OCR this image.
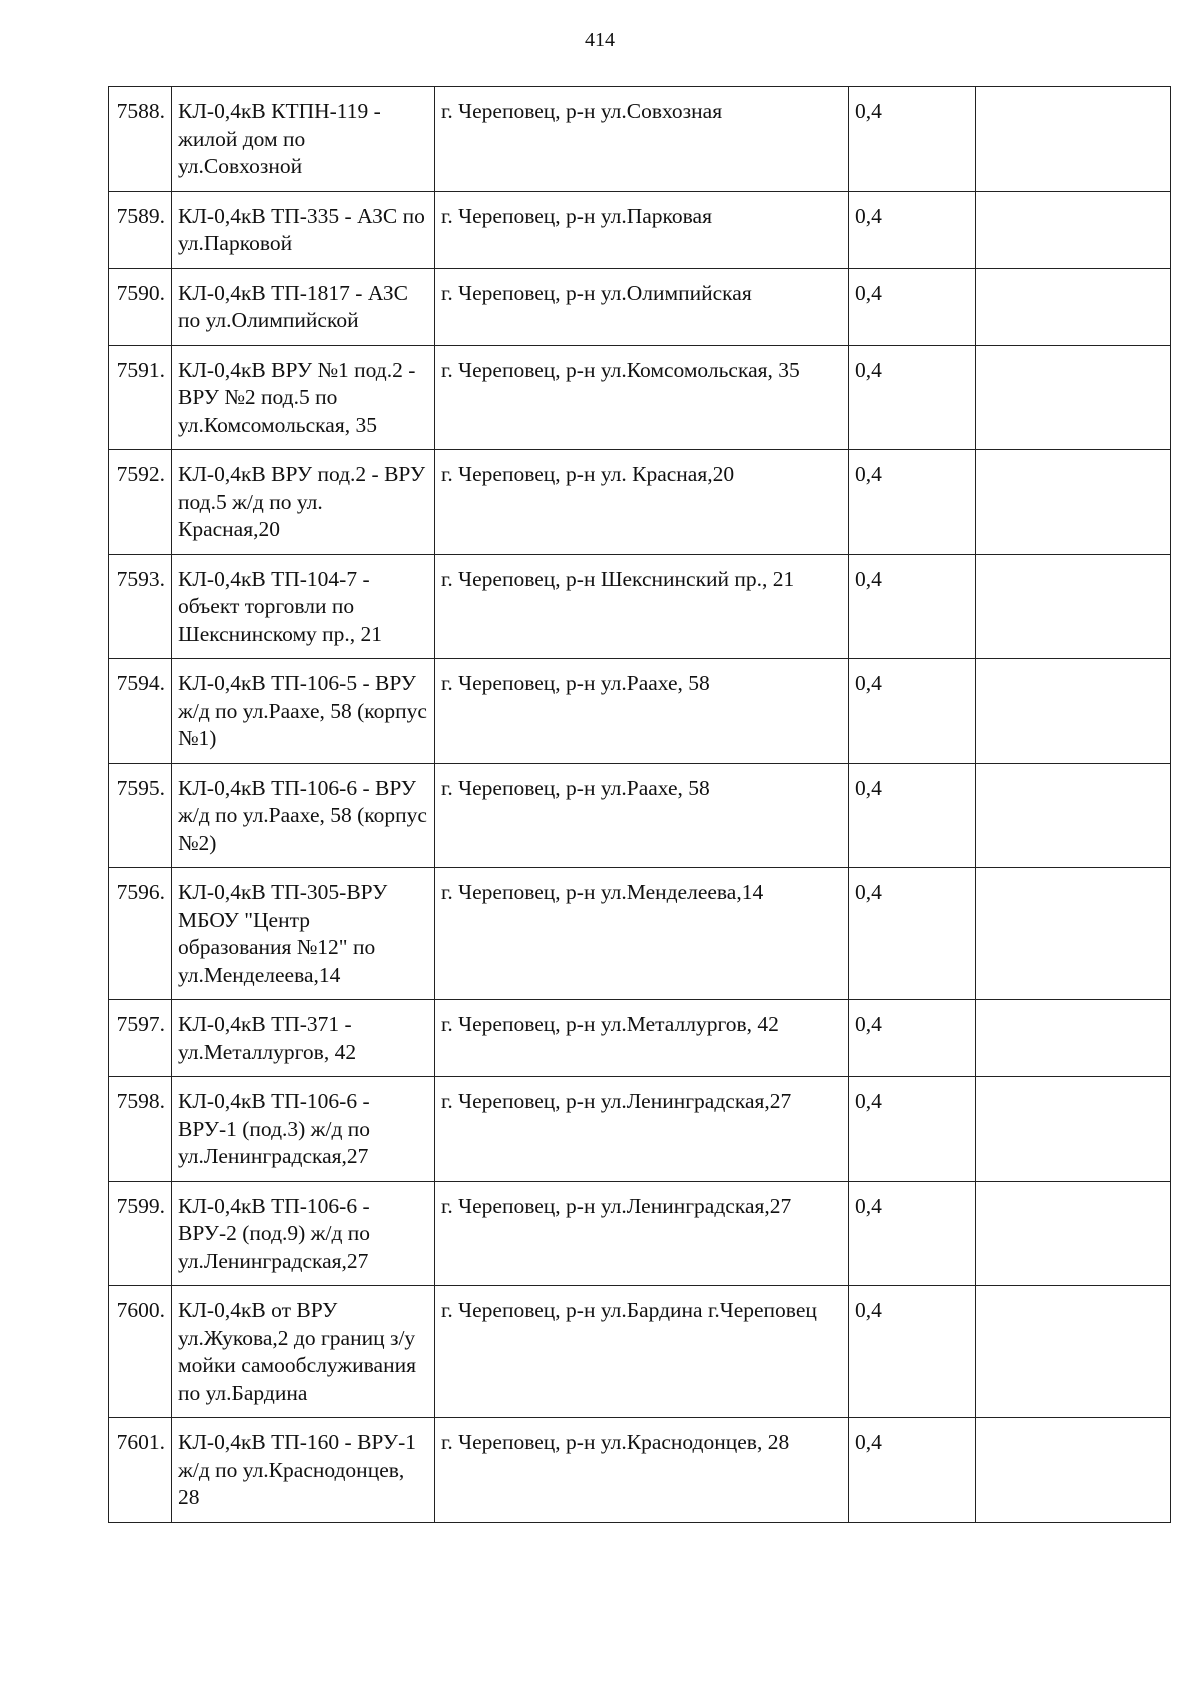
414
7588.	КЛ-0,4кВ КТПН-119 - жилой дом по ул.Совхозной	г. Череповец, р-н ул.Совхозная	0,4	
7589.	КЛ-0,4кВ ТП-335 - АЗС по ул.Парковой	г. Череповец, р-н ул.Парковая	0,4	
7590.	КЛ-0,4кВ ТП-1817 - АЗС по ул.Олимпийской	г. Череповец, р-н ул.Олимпийская	0,4	
7591.	КЛ-0,4кВ ВРУ №1 под.2 - ВРУ №2 под.5 по ул.Комсомольская, 35	г. Череповец, р-н ул.Комсомольская, 35	0,4	
7592.	КЛ-0,4кВ ВРУ под.2 - ВРУ под.5 ж/д по ул. Красная,20	г. Череповец, р-н ул. Красная,20	0,4	
7593.	КЛ-0,4кВ ТП-104-7 - объект торговли по Шекснинскому пр., 21	г. Череповец, р-н Шекснинский пр., 21	0,4	
7594.	КЛ-0,4кВ ТП-106-5 - ВРУ ж/д по ул.Раахе, 58 (корпус №1)	г. Череповец, р-н ул.Раахе, 58	0,4	
7595.	КЛ-0,4кВ ТП-106-6 - ВРУ ж/д по ул.Раахе, 58 (корпус №2)	г. Череповец, р-н ул.Раахе, 58	0,4	
7596.	КЛ-0,4кВ ТП-305-ВРУ МБОУ "Центр образования №12" по ул.Менделеева,14	г. Череповец, р-н ул.Менделеева,14	0,4	
7597.	КЛ-0,4кВ ТП-371 - ул.Металлургов, 42	г. Череповец, р-н ул.Металлургов, 42	0,4	
7598.	КЛ-0,4кВ ТП-106-6 - ВРУ-1 (под.3) ж/д по ул.Ленинградская,27	г. Череповец, р-н ул.Ленинградская,27	0,4	
7599.	КЛ-0,4кВ ТП-106-6 - ВРУ-2 (под.9) ж/д по ул.Ленинградская,27	г. Череповец, р-н ул.Ленинградская,27	0,4	
7600.	КЛ-0,4кВ от ВРУ ул.Жукова,2 до границ з/у мойки самообслуживания по ул.Бардина	г. Череповец, р-н ул.Бардина г.Череповец	0,4	
7601.	КЛ-0,4кВ ТП-160 - ВРУ-1 ж/д по ул.Краснодонцев, 28	г. Череповец, р-н ул.Краснодонцев, 28	0,4	
